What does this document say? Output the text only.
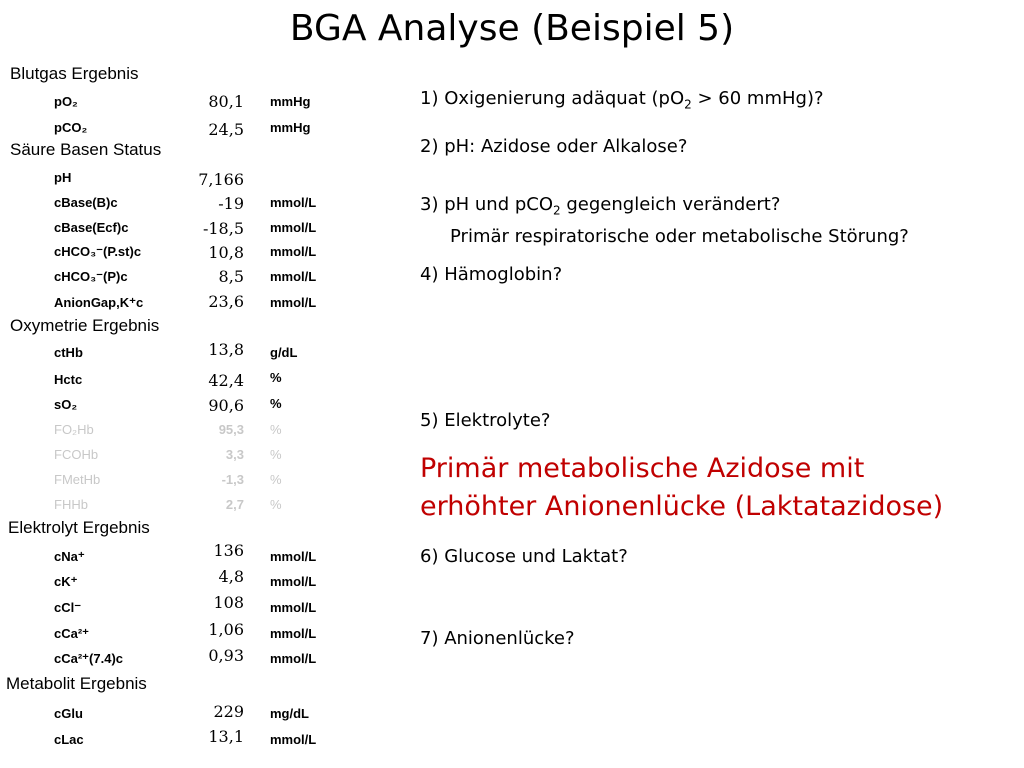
BGA Analyse (Beispiel 5)
Blutgas Ergebnis
Säure Basen Status
Oxymetrie Ergebnis
Elektrolyt Ergebnis
Metabolit Ergebnis
pO₂	80,1 mmHg
pCO₂	24,5 mmHg
pH	7,166
cBase(B)c	-19 mmol/L
cBase(Ecf)c	-18,5 mmol/L
cHCO₃⁻(P.st)c	10,8 mmol/L
cHCO₃⁻(P)c	8,5 mmol/L
AnionGap,K⁺c	23,6 mmol/L
ctHb	13,8 g/dL
Hctc	42,4 %
sO₂	90,6 %
FO₂Hb	95,3 %
FCOHb	3,3 %
FMetHb	-1,3 %
FHHb	2,7 %
cNa⁺	136 mmol/L
cK⁺	4,8 mmol/L
cCl⁻	108 mmol/L
cCa²⁺	1,06 mmol/L
cCa²⁺(7.4)c	0,93 mmol/L
cGlu	229 mg/dL
cLac	13,1 mmol/L
1) Oxigenierung adäquat ($pO_2 > 60$ mmHg)?
2) pH: Azidose oder Alkalose?
3) pH und pCO$_2$ gegengleich verändert?
Primär respiratorische oder metabolische Störung?
4) Hämoglobin?
5) Elektrolyte?
Primär metabolische Azidose mit
erhöhter Anionenlücke (Laktatazidose)
6) Glucose und Laktat?
7) Anionenlücke?
